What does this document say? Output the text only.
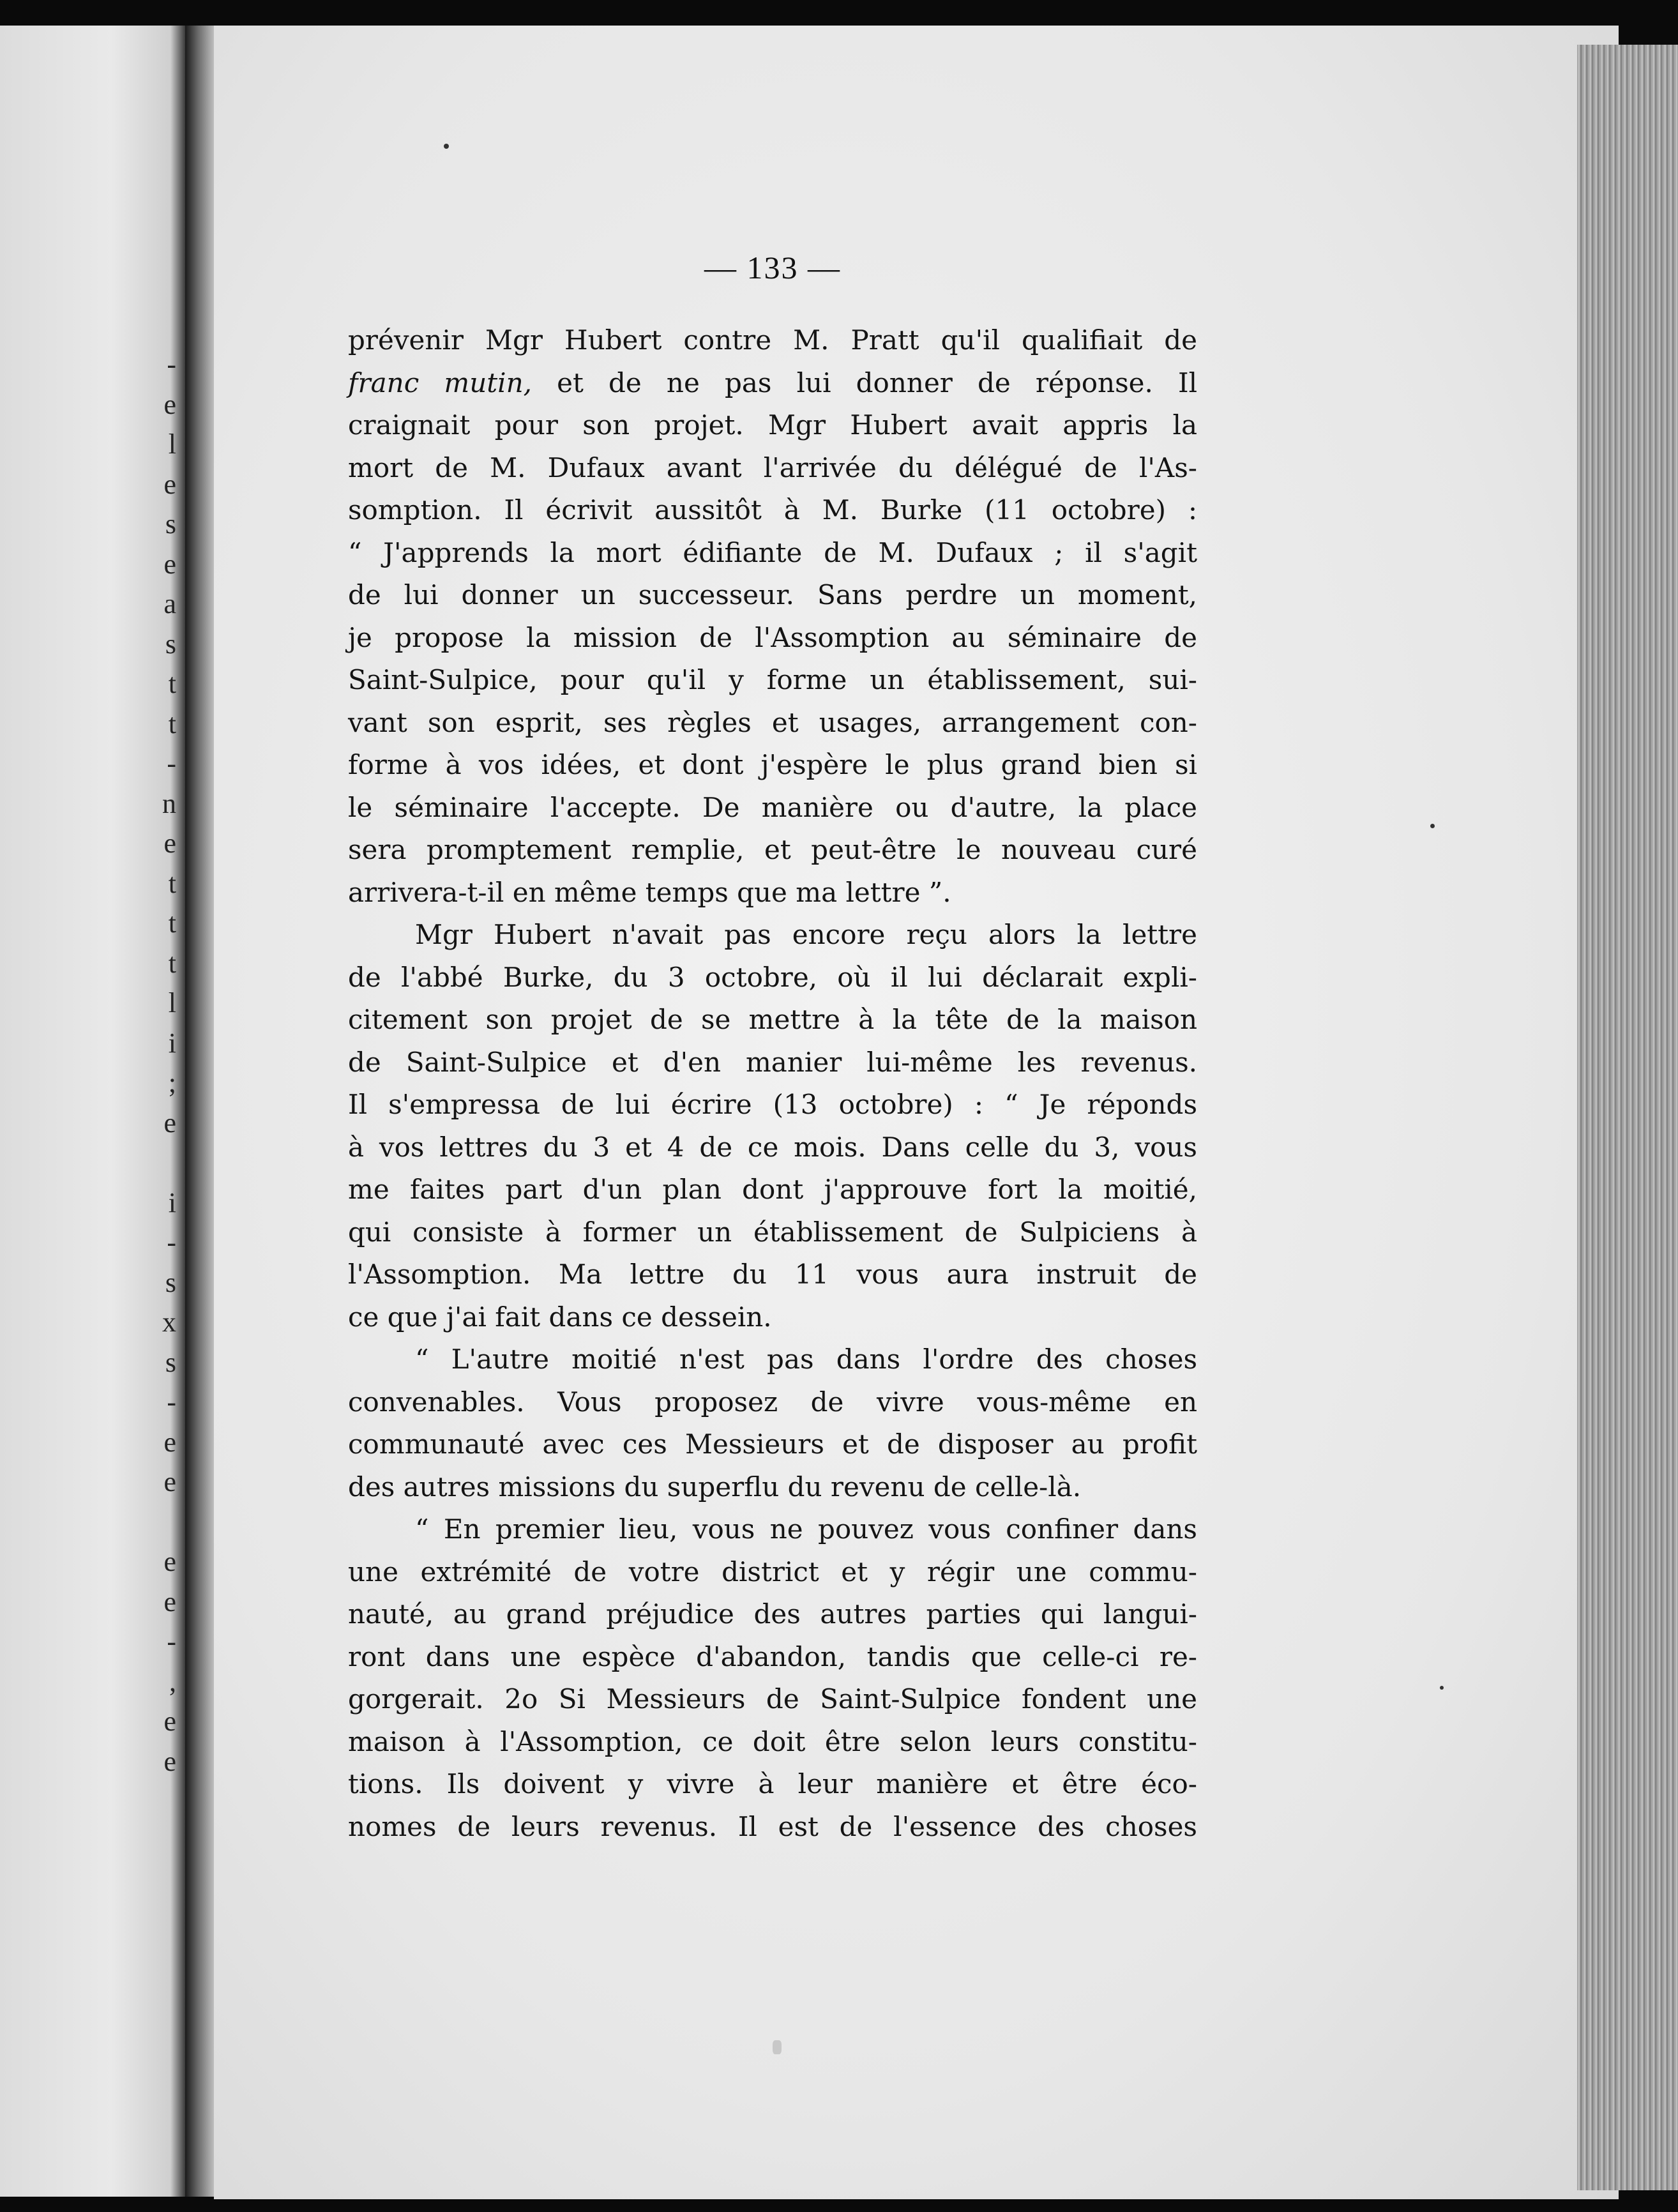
-
e
l
e
s
e
a
s
t
t
-
n
e
t
t
t
l
i
;
e
i
-
s
x
s
-
e
e
e
e
-
,
e
e
— 133 —
prévenir Mgr Hubert contre M. Pratt qu'il qualifiait de
franc mutin, et de ne pas lui donner de réponse. Il
craignait pour son projet. Mgr Hubert avait appris la
mort de M. Dufaux avant l'arrivée du délégué de l'As-
somption. Il écrivit aussitôt à M. Burke (11 octobre) :
“ J'apprends la mort édifiante de M. Dufaux ; il s'agit
de lui donner un successeur. Sans perdre un moment,
je propose la mission de l'Assomption au séminaire de
Saint-Sulpice, pour qu'il y forme un établissement, sui-
vant son esprit, ses règles et usages, arrangement con-
forme à vos idées, et dont j'espère le plus grand bien si
le séminaire l'accepte. De manière ou d'autre, la place
sera promptement remplie, et peut-être le nouveau curé
arrivera-t-il en même temps que ma lettre ”.
Mgr Hubert n'avait pas encore reçu alors la lettre
de l'abbé Burke, du 3 octobre, où il lui déclarait expli-
citement son projet de se mettre à la tête de la maison
de Saint-Sulpice et d'en manier lui-même les revenus.
Il s'empressa de lui écrire (13 octobre) : “ Je réponds
à vos lettres du 3 et 4 de ce mois. Dans celle du 3, vous
me faites part d'un plan dont j'approuve fort la moitié,
qui consiste à former un établissement de Sulpiciens à
l'Assomption. Ma lettre du 11 vous aura instruit de
ce que j'ai fait dans ce dessein.
“ L'autre moitié n'est pas dans l'ordre des choses
convenables. Vous proposez de vivre vous-même en
communauté avec ces Messieurs et de disposer au profit
des autres missions du superflu du revenu de celle-là.
“ En premier lieu, vous ne pouvez vous confiner dans
une extrémité de votre district et y régir une commu-
nauté, au grand préjudice des autres parties qui langui-
ront dans une espèce d'abandon, tandis que celle-ci re-
gorgerait. 2o Si Messieurs de Saint-Sulpice fondent une
maison à l'Assomption, ce doit être selon leurs constitu-
tions. Ils doivent y vivre à leur manière et être éco-
nomes de leurs revenus. Il est de l'essence des choses
